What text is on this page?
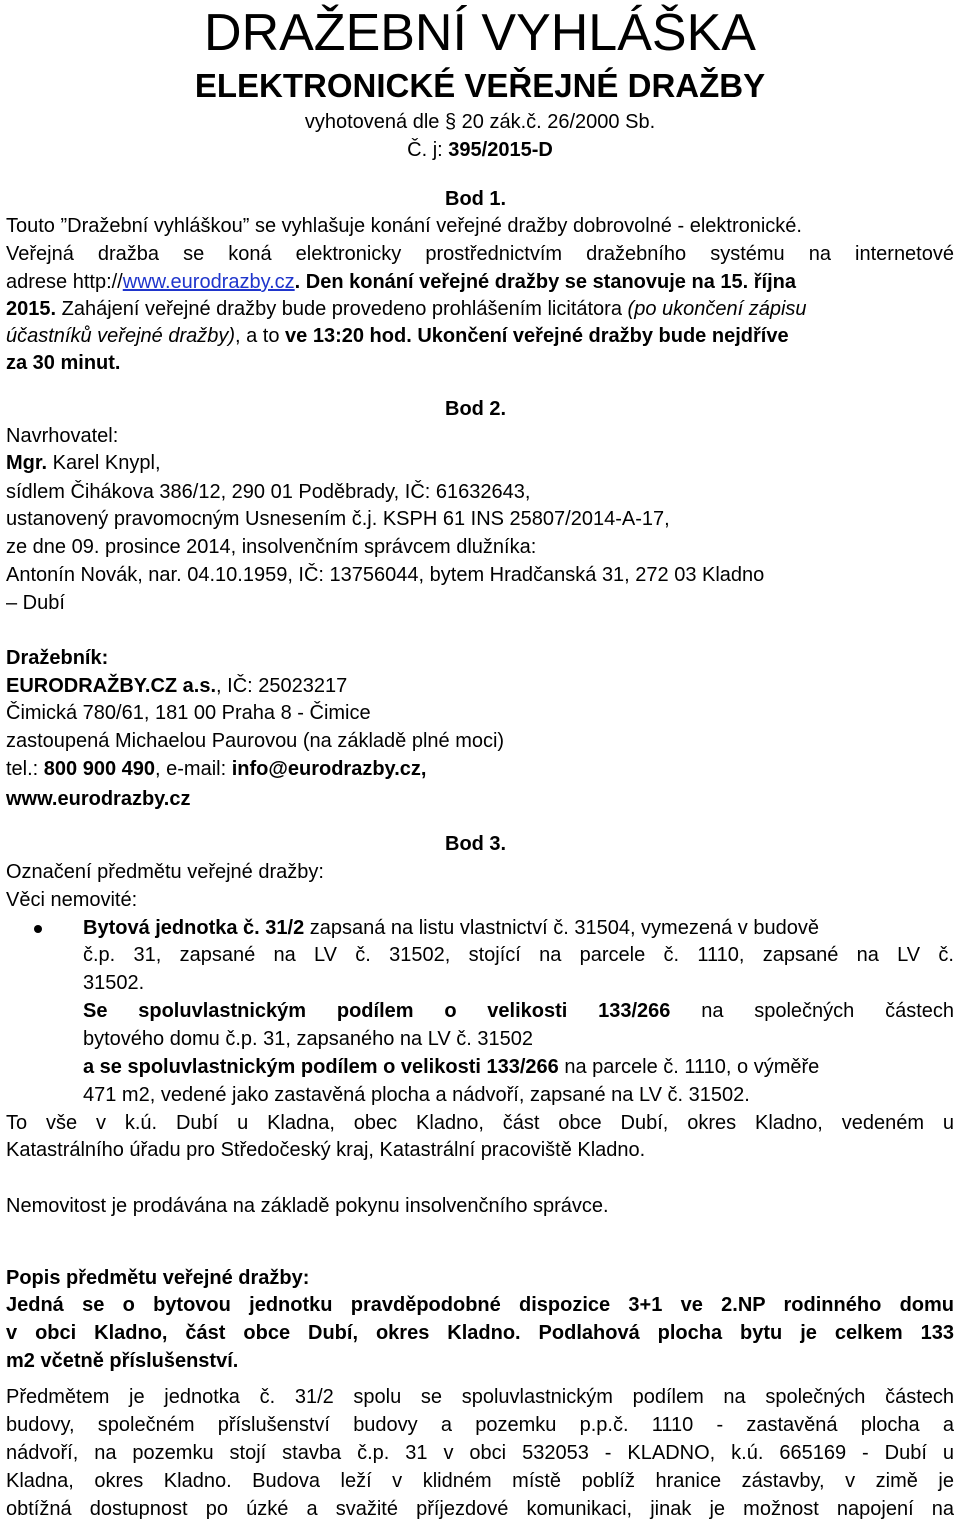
DRAŽEBNÍ VYHLÁŠKA

ELEKTRONICKÉ VEŘEJNÉ DRAŽBY

vyhotovená dle § 20 zák.č. 26/2000 Sb.

Č. j: 395/2015-D

Bod 1.

Touto ”Dražební vyhláškou” se vyhlašuje konání veřejné dražby dobrovolné - elektronické.

Veřejná dražba se koná elektronicky prostřednictvím dražebního systému na internetové

adrese http://www.eurodrazby.cz. Den konání veřejné dražby se stanovuje na 15. října

2015. Zahájení veřejné dražby bude provedeno prohlášením licitátora (po ukončení zápisu

účastníků veřejné dražby), a to ve 13:20 hod. Ukončení veřejné dražby bude nejdříve

za 30 minut.

Bod 2.

Navrhovatel:

Mgr. Karel Knypl,

sídlem Čihákova 386/12, 290 01 Poděbrady, IČ: 61632643,

ustanovený pravomocným Usnesením č.j. KSPH 61 INS 25807/2014-A-17,

ze dne 09. prosince 2014, insolvenčním správcem dlužníka:

Antonín Novák, nar. 04.10.1959, IČ: 13756044, bytem Hradčanská 31, 272 03 Kladno

– Dubí

Dražebník:

EURODRAŽBY.CZ a.s., IČ: 25023217

Čimická 780/61, 181 00 Praha 8 - Čimice

zastoupená Michaelou Paurovou (na základě plné moci)

tel.: 800 900 490, e-mail: info@eurodrazby.cz,

www.eurodrazby.cz

Bod 3.

Označení předmětu veřejné dražby:

Věci nemovité:

Bytová jednotka č. 31/2 zapsaná na listu vlastnictví č. 31504, vymezená v budově

č.p. 31, zapsané na LV č. 31502, stojící na parcele č. 1110, zapsané na LV č.

31502.

Se spoluvlastnickým podílem o velikosti 133/266 na společných částech

bytového domu č.p. 31, zapsaného na LV č. 31502

a se spoluvlastnickým podílem o velikosti 133/266 na parcele č. 1110, o výměře

471 m2, vedené jako zastavěná plocha a nádvoří, zapsané na LV č. 31502.

To vše v k.ú. Dubí u Kladna, obec Kladno, část obce Dubí, okres Kladno, vedeném u

Katastrálního úřadu pro Středočeský kraj, Katastrální pracoviště Kladno.

Nemovitost je prodávána na základě pokynu insolvenčního správce.

Popis předmětu veřejné dražby:

Jedná se o bytovou jednotku pravděpodobné dispozice 3+1 ve 2.NP rodinného domu

v obci Kladno, část obce Dubí, okres Kladno. Podlahová plocha bytu je celkem 133

m2 včetně příslušenství.

Předmětem je jednotka č. 31/2 spolu se spoluvlastnickým podílem na společných částech

budovy, společném příslušenství budovy a pozemku p.p.č. 1110 - zastavěná plocha a

nádvoří, na pozemku stojí stavba č.p. 31 v obci 532053 - KLADNO, k.ú. 665169 - Dubí u

Kladna, okres Kladno. Budova leží v klidném místě poblíž hranice zástavby, v zimě je

obtížná dostupnost po úzké a svažité příjezdové komunikaci, jinak je možnost napojení na
